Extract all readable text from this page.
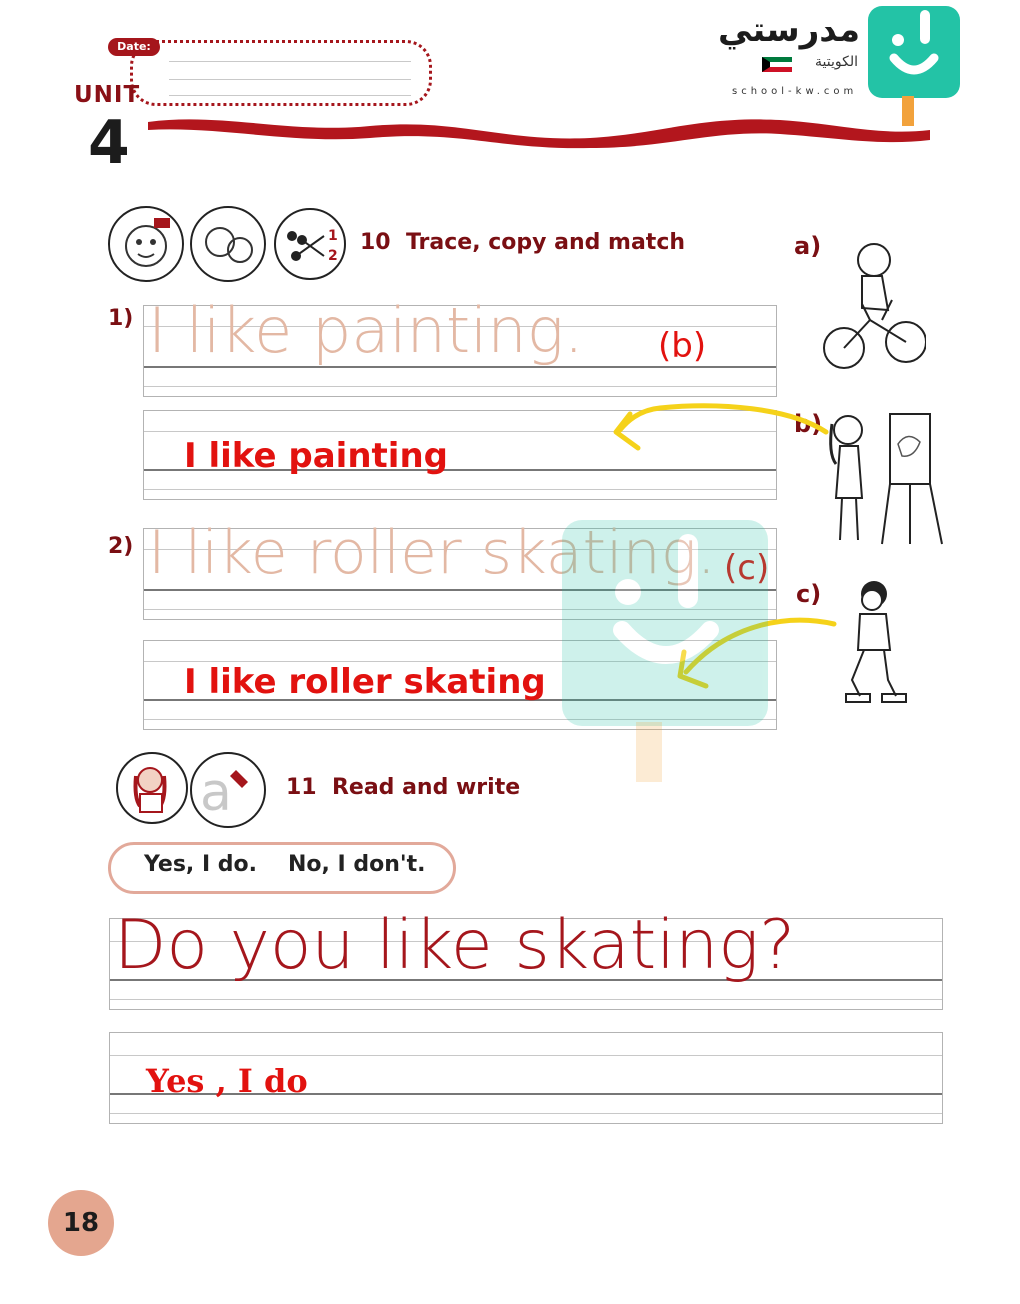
Date:
UNIT
4
مدرستي
الكويتية
school-kw.com
1
2
10 Trace, copy and match
1) I like painting. (b)
I like painting
2) I like roller skating. (c)
I like roller skating
a)
b)
c)
a 11 Read and write
Yes, I do. No, I don't.
Do you like skating?
Yes , I do
18
